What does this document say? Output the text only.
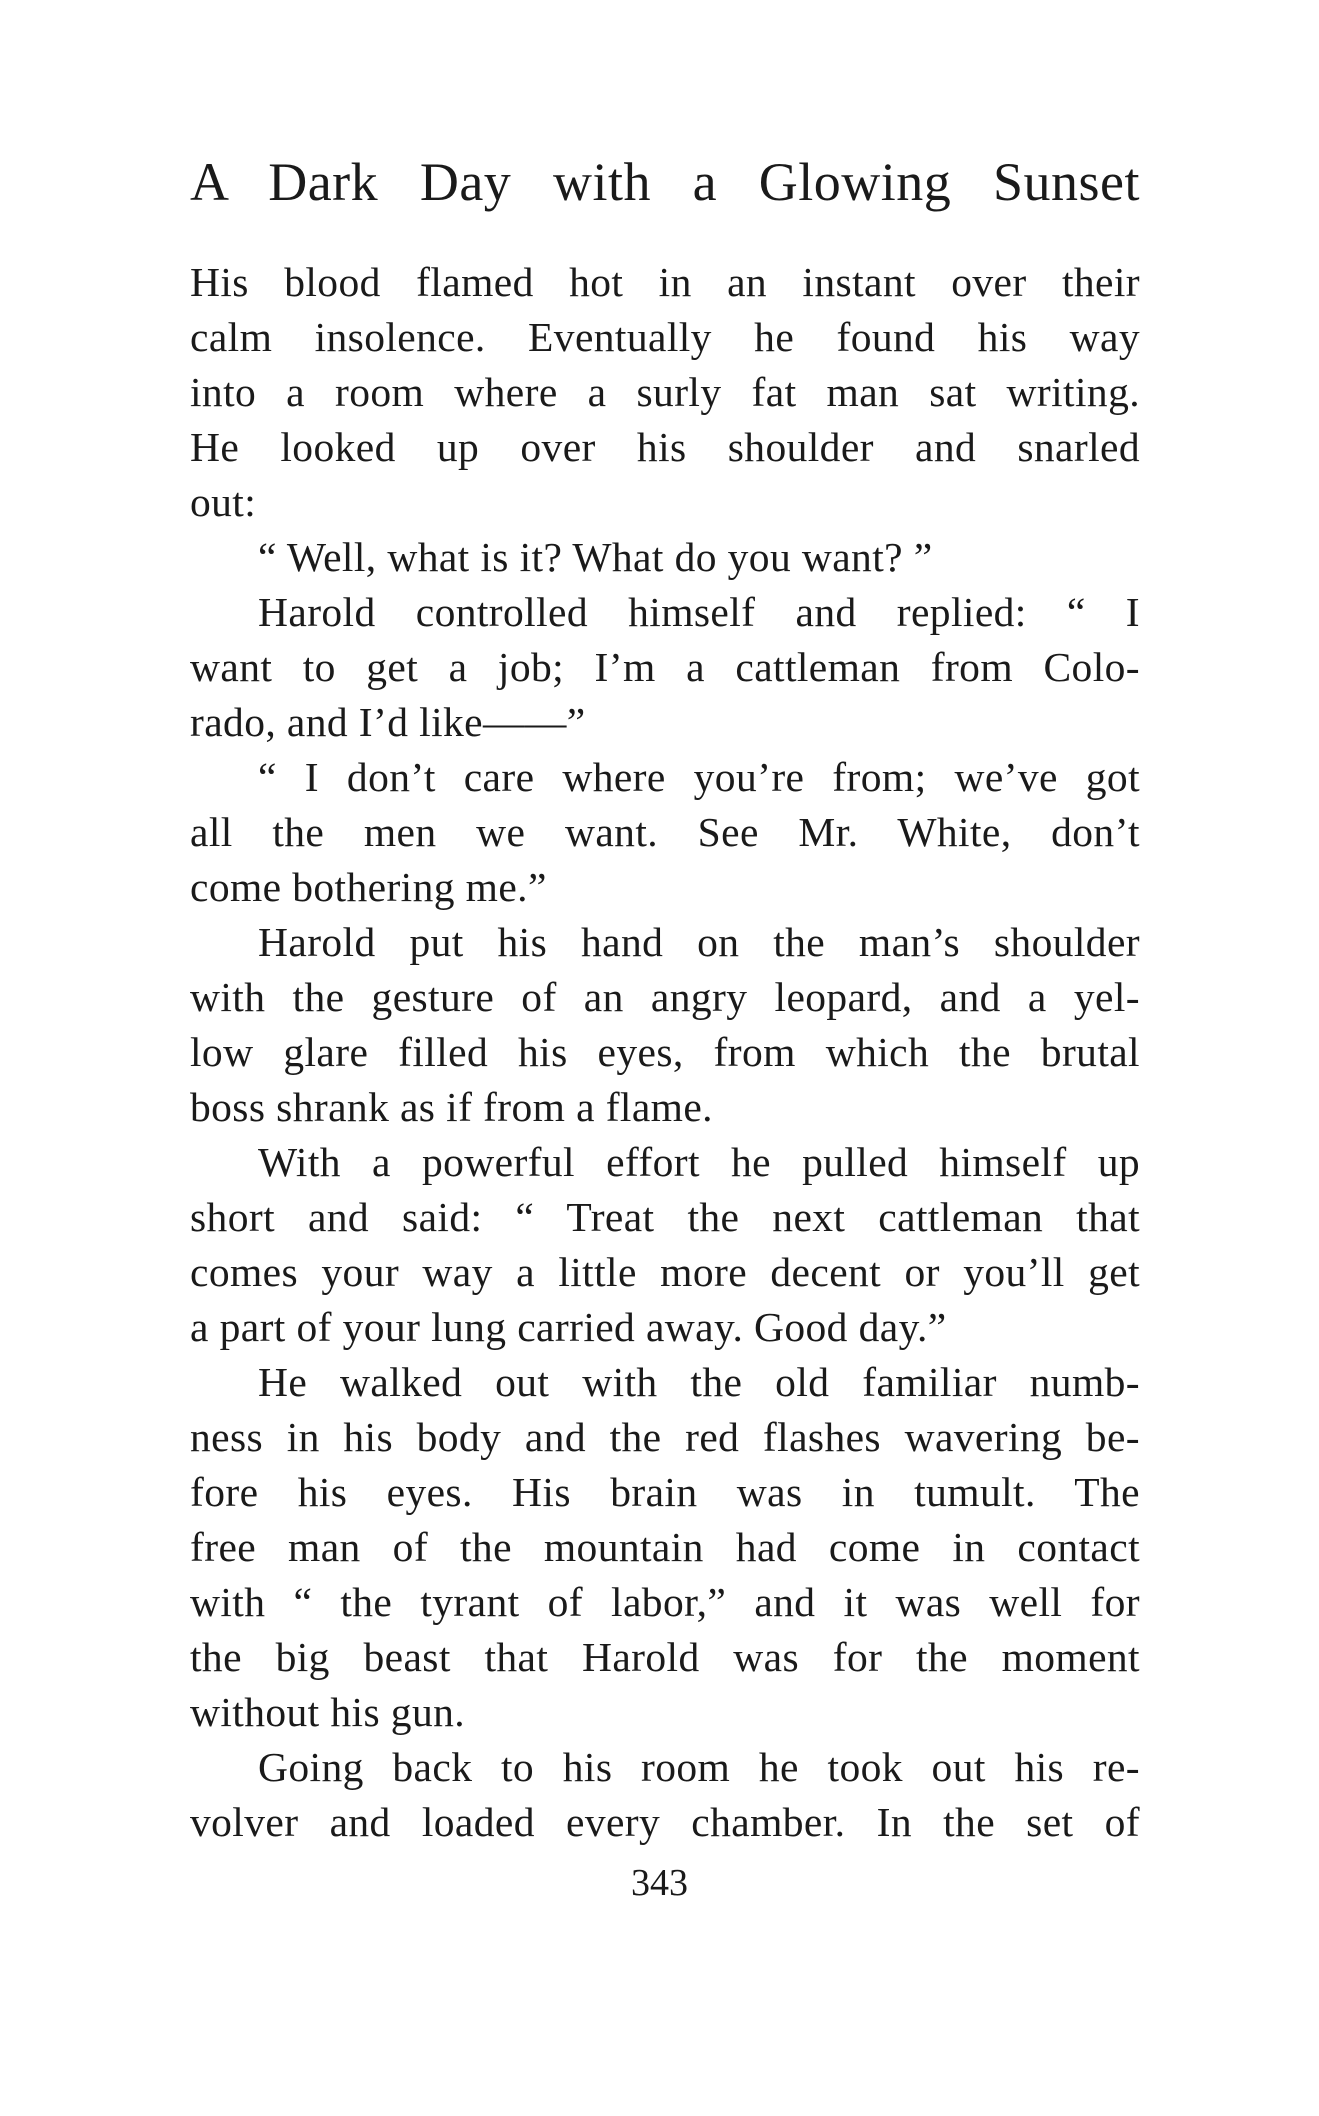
A Dark Day with a Glowing Sunset
His blood flamed hot in an instant over their
calm insolence. Eventually he found his way
into a room where a surly fat man sat writing.
He looked up over his shoulder and snarled
out:
“ Well, what is it? What do you want? ”
Harold controlled himself and replied: “ I
want to get a job; I’m a cattleman from Colo-
rado, and I’d like——”
“ I don’t care where you’re from; we’ve got
all the men we want. See Mr. White, don’t
come bothering me.”
Harold put his hand on the man’s shoulder
with the gesture of an angry leopard, and a yel-
low glare filled his eyes, from which the brutal
boss shrank as if from a flame.
With a powerful effort he pulled himself up
short and said: “ Treat the next cattleman that
comes your way a little more decent or you’ll get
a part of your lung carried away. Good day.”
He walked out with the old familiar numb-
ness in his body and the red flashes wavering be-
fore his eyes. His brain was in tumult. The
free man of the mountain had come in contact
with “ the tyrant of labor,” and it was well for
the big beast that Harold was for the moment
without his gun.
Going back to his room he took out his re-
volver and loaded every chamber. In the set of
343
